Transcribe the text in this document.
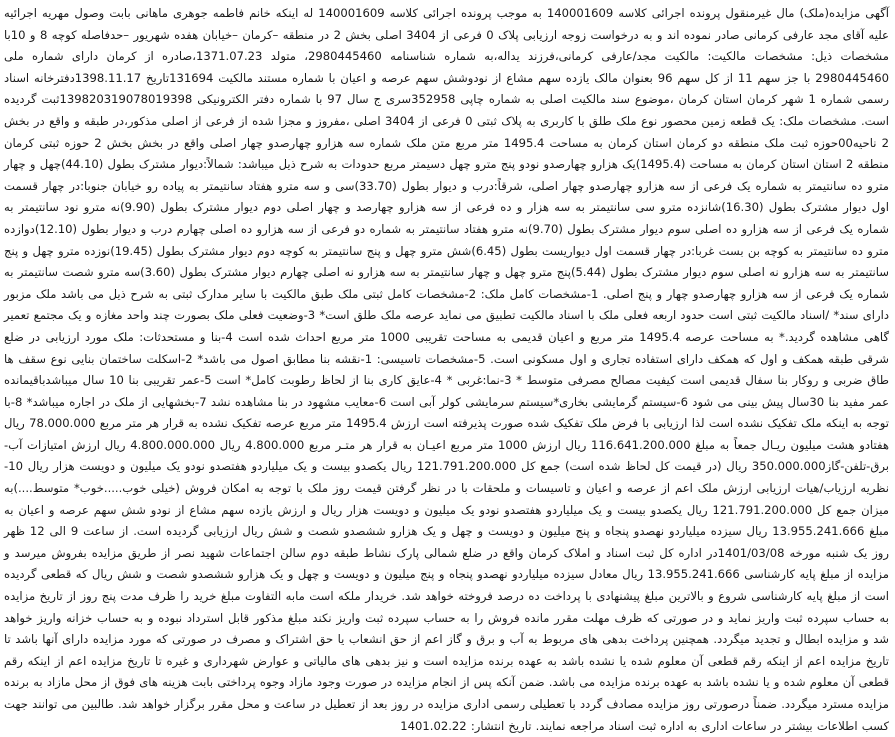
آگهی مزایده(ملک) مال غیرمنقول پرونده اجرائی کلاسه 140001609 به موجب پرونده اجرائی کلاسه 140001609 له اینکه خانم فاطمه جوهری ماهانی بابت وصول مهریه اجرائیه علیه آقای مجد عارفی کرمانی صادر نموده اند و به درخواست زوجه ارزیابی پلاک 0 فرعی از 3404 اصلی بخش 2 در منطقه –کرمان –خیابان هفده شهریور –حدفاصله کوچه 8 و 10با مشخصات ذیل: مشخصات مالکیت: مالکیت مجد/عارفی کرمانی،فرزند یداله،به شماره شناسنامه 2980445460، متولد 1371.07.23،صادره از کرمان دارای شماره ملی 2980445460 با جز سهم 11 از کل سهم 96 بعنوان مالک یازده سهم مشاع از نودوشش سهم عرصه و اعیان با شماره مستند مالکیت 131694تاریخ 1398.11.17دفترخانه اسناد رسمی شماره 1 شهر کرمان استان کرمان ،موضوع سند مالکیت اصلی به شماره چاپی 352958سری ج سال 97 با شماره دفتر الکترونیکی 139820319078019398ثبت گردیده است. مشخصات ملک: یک قطعه زمین محصور نوع ملک طلق با کاربری به پلاک ثبتی 0 فرعی از 3404 اصلی ،مفروز و مجزا شده از فرعی از اصلی مذکور،در طبقه و واقع در بخش 2 ناحیه00حوزه ثبت ملک منطقه دو کرمان استان کرمان به مساحت 1495.4 متر مربع متن ملک شماره سه هزارو چهارصدو چهار اصلی واقع در بخش بخش 2 حوزه ثبتی کرمان منطقه 2 استان استان کرمان به مساحت (1495.4)یک هزارو چهارصدو نودو پنج مترو چهل دسیمتر مربع حدودات به شرح ذیل میباشد: شمالاً:دیوار مشترک بطول (44.10)چهل و چهار مترو ده سانتیمتر به شماره یک فرعی از سه هزارو چهارصدو چهار اصلی، شرقاً:درب و دیوار بطول (33.70)سی و سه مترو هفتاد سانتیمتر به پیاده رو خیابان جنوبا:در چهار قسمت اول دیوار مشترک بطول (16.30)شانزده مترو سی سانتیمتر به سه هزار و ده فرعی از سه هزارو چهارصد و چهار اصلی دوم دیوار مشترک بطول (9.90)نه مترو نود سانتیمتر به شماره یک فرعی از سه هزارو ده اصلی سوم دیوار مشترک بطول (9.70)نه مترو هفتاد سانتیمتر به شماره دو فرعی از سه هزارو ده اصلی چهارم درب و دیوار بطول (12.10)دوازده مترو ده سانتیمتر به کوچه بن بست غربا:در چهار قسمت اول دیواریست بطول (6.45)شش مترو چهل و پنج سانتیمتر به کوچه دوم دیوار مشترک بطول (19.45)نوزده مترو چهل و پنج سانتیمتر به سه هزارو نه اصلی سوم دیوار مشترک بطول (5.44)پنج مترو چهل و چهار سانتیمتر به سه هزارو نه اصلی چهارم دیوار مشترک بطول (3.60)سه مترو شصت سانتیمتر به شماره یک فرعی از سه هزارو چهارصدو چهار و پنج اصلی. 1-مشخصات کامل ملک: 2-مشخصات کامل ثبتی ملک طبق مالکیت با سایر مدارک ثبتی به شرح ذیل می باشد ملک مزبور دارای سند* /اسناد مالکیت ثبتی است حدود اربعه فعلی ملک با اسناد مالکیت تطبیق می نماید عرصه ملک طلق است* 3-وضعیت فعلی ملک بصورت چند واحد مغازه و یک مجتمع تعمیر گاهی مشاهده گردید.* به مساحت عرصه 1495.4 متر مربع و اعیان قدیمی به مساحت تقریبی 1000 متر مربع احداث شده است 4-بنا و مستحدثات: ملک مورد ارزیابی در ضلع شرقی طبقه همکف و اول که همکف دارای استفاده تجاری و اول مسکونی است. 5-مشخصات تاسیسی: 1-نقشه بنا مطابق اصول می باشد* 2-اسکلت ساختمان بنایی نوع سقف ها طاق ضربی و روکار بنا سفال قدیمی است کیفیت مصالح مصرفی متوسط * 3-نما:غربی * 4-عایق کاری بنا از لحاظ رطوبت کامل* است 5-عمر تقریبی بنا 10 سال میباشدباقیمانده عمر مفید بنا 30سال پیش بینی می شود 6-سیستم گرمایشی بخاری*سیستم سرمایشی کولر آبی است 6-معایب مشهود در بنا مشاهده نشد 7-بخشهایی از ملک در اجاره میباشد* 8-با توجه به اینکه ملک تفکیک نشده است لذا ارزیابی با فرض ملک تفکیک شده صورت پذیرفته است ارزش 1495.4 متر مربع عرصه تفکیک نشده به قرار هر متر مربع 78.000.000 ریال هفتادو هشت میلیون ریـال جمعاً به مبلغ 116.641.200.000 ریال ارزش 1000 متر مربع اعیـان به قرار هر متـر مربع 4.800.000 ریال 4.800.000.000 ریال ارزش امتیازات آب-برق-تلفن-گاز350.000.000 ریال (در قیمت کل لحاظ شده است) جمع کل 121.791.200.000 ریال یکصدو بیست و یک میلیاردو هفتصدو نودو یک میلیون و دویست هزار ریال 10-نظریه ارزیاب/هیات ارزیابی ارزش ملک اعم از عرصه و اعیان و تاسیسات و ملحقات با در نظر گرفتن قیمت روز ملک با توجه به امکان فروش (خیلی خوب.....خوب* متوسط....)به میزان جمع کل 121.791.200.000 ریال یکصدو بیست و یک میلیاردو هفتصدو نودو یک میلیون و دویست هزار ریال و ارزش یازده سهم مشاع از نودو شش سهم عرصه و اعیان به مبلغ 13.955.241.666 ریال سیزده میلیاردو نهصدو پنجاه و پنج میلیون و دویست و چهل و یک هزارو ششصدو شصت و شش ریال ارزیابی گردیده است. از ساعت 9 الی 12 ظهر روز یک شنبه مورخه 1401/03/08در اداره کل ثبت اسناد و املاک کرمان واقع در ضلع شمالی پارک نشاط طبقه دوم سالن اجتماعات شهید نصر از طریق مزایده بفروش میرسد و مزایده از مبلغ پایه کارشناسی 13.955.241.666 ریال معادل سیزده میلیاردو نهصدو پنجاه و پنج میلیون و دویست و چهل و یک هزارو ششصدو شصت و شش ریال که قطعی گردیده است از مبلغ پایه کارشناسی شروع و بالاترین مبلغ پیشنهادی با پرداخت ده درصد فروخته خواهد شد. خریدار ملکه است مابه التفاوت مبلغ خرید را ظرف مدت پنج روز از تاریخ مزایده به حساب سپرده ثبت واریز نماید و در صورتی که ظرف مهلت مقرر مانده فروش را به حساب سپرده ثبت واریز نکند مبلغ مذکور قابل استرداد نبوده و به حساب خزانه واریز خواهد شد و مزایده ابطال و تجدید میگردد. همچنین پرداخت بدهی های مربوط به آب و برق و گاز اعم از حق انشعاب یا حق اشتراک و مصرف در صورتی که مورد مزایده دارای آنها باشد تا تاریخ مزایده اعم از اینکه رقم قطعی آن معلوم شده یا نشده باشد به عهده برنده مزایده است و نیز بدهی های مالیاتی و عوارض شهرداری و غیره تا تاریخ مزایده اعم از اینکه رقم قطعی آن معلوم شده و یا نشده باشد به عهده برنده مزایده می باشد. ضمن آنکه پس از انجام مزایده در صورت وجود مازاد وجوه پرداختی بابت هزینه های فوق از محل مازاد به برنده مزایده مسترد میگردد. ضمناً درصورتی روز مزایده مصادف گردد با تعطیلی رسمی اداری مزایده در روز بعد از تعطیل در ساعت و محل مقرر برگزار خواهد شد. طالبین می توانند جهت کسب اطلاعات بیشتر در ساعات اداری به اداره ثبت اسناد مراجعه نمایند. تاریخ انتشار: 1401.02.22
